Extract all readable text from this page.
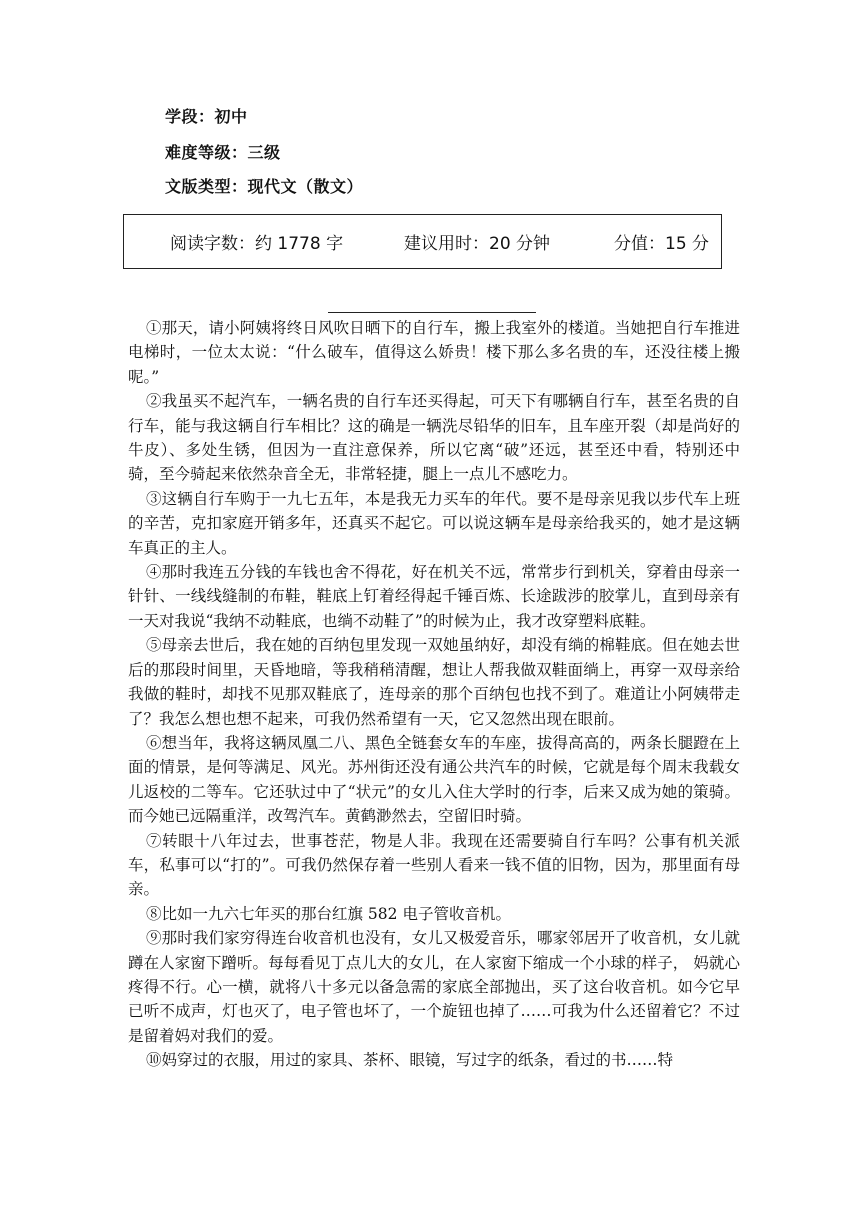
学段：初中
难度等级：三级
文版类型：现代文（散文）
阅读字数：约 1778 字	建议用时：20 分钟	分值：15 分

①那天，请小阿姨将终日风吹日晒下的自行车，搬上我室外的楼道。当她把自行车推进电梯时，一位太太说：“什么破车，值得这么娇贵！楼下那么多名贵的车，还没往楼上搬呢。”

②我虽买不起汽车，一辆名贵的自行车还买得起，可天下有哪辆自行车，甚至名贵的自行车，能与我这辆自行车相比？这的确是一辆洗尽铅华的旧车，且车座开裂（却是尚好的牛皮）、多处生锈，但因为一直注意保养，所以它离“破”还远，甚至还中看，特别还中骑，至今骑起来依然杂音全无，非常轻捷，腿上一点儿不感吃力。

③这辆自行车购于一九七五年，本是我无力买车的年代。要不是母亲见我以步代车上班的辛苦，克扣家庭开销多年，还真买不起它。可以说这辆车是母亲给我买的，她才是这辆车真正的主人。

④那时我连五分钱的车钱也舍不得花，好在机关不远，常常步行到机关，穿着由母亲一针针、一线线缝制的布鞋，鞋底上钉着经得起千锤百炼、长途跋涉的胶掌儿，直到母亲有一天对我说“我纳不动鞋底，也绱不动鞋了”的时候为止，我才改穿塑料底鞋。

⑤母亲去世后，我在她的百纳包里发现一双她虽纳好，却没有绱的棉鞋底。但在她去世后的那段时间里，天昏地暗，等我稍稍清醒，想让人帮我做双鞋面绱上，再穿一双母亲给我做的鞋时，却找不见那双鞋底了，连母亲的那个百纳包也找不到了。难道让小阿姨带走了？我怎么想也想不起来，可我仍然希望有一天，它又忽然出现在眼前。

⑥想当年，我将这辆凤凰二八、黑色全链套女车的车座，拔得高高的，两条长腿蹬在上面的情景，是何等满足、风光。苏州街还没有通公共汽车的时候，它就是每个周末我载女儿返校的二等车。它还驮过中了“状元”的女儿入住大学时的行李，后来又成为她的策骑。而今她已远隔重洋，改驾汽车。黄鹤渺然去，空留旧时骑。

⑦转眼十八年过去，世事苍茫，物是人非。我现在还需要骑自行车吗？公事有机关派车，私事可以“打的”。可我仍然保存着一些别人看来一钱不值的旧物，因为，那里面有母亲。

⑧比如一九六七年买的那台红旗 582 电子管收音机。

⑨那时我们家穷得连台收音机也没有，女儿又极爱音乐，哪家邻居开了收音机，女儿就蹲在人家窗下蹭听。每每看见丁点儿大的女儿，在人家窗下缩成一个小球的样子， 妈就心疼得不行。心一横，就将八十多元以备急需的家底全部抛出，买了这台收音机。如今它早已听不成声，灯也灭了，电子管也坏了，一个旋钮也掉了……可我为什么还留着它？不过是留着妈对我们的爱。

⑩妈穿过的衣服，用过的家具、茶杯、眼镜，写过字的纸条，看过的书……特
